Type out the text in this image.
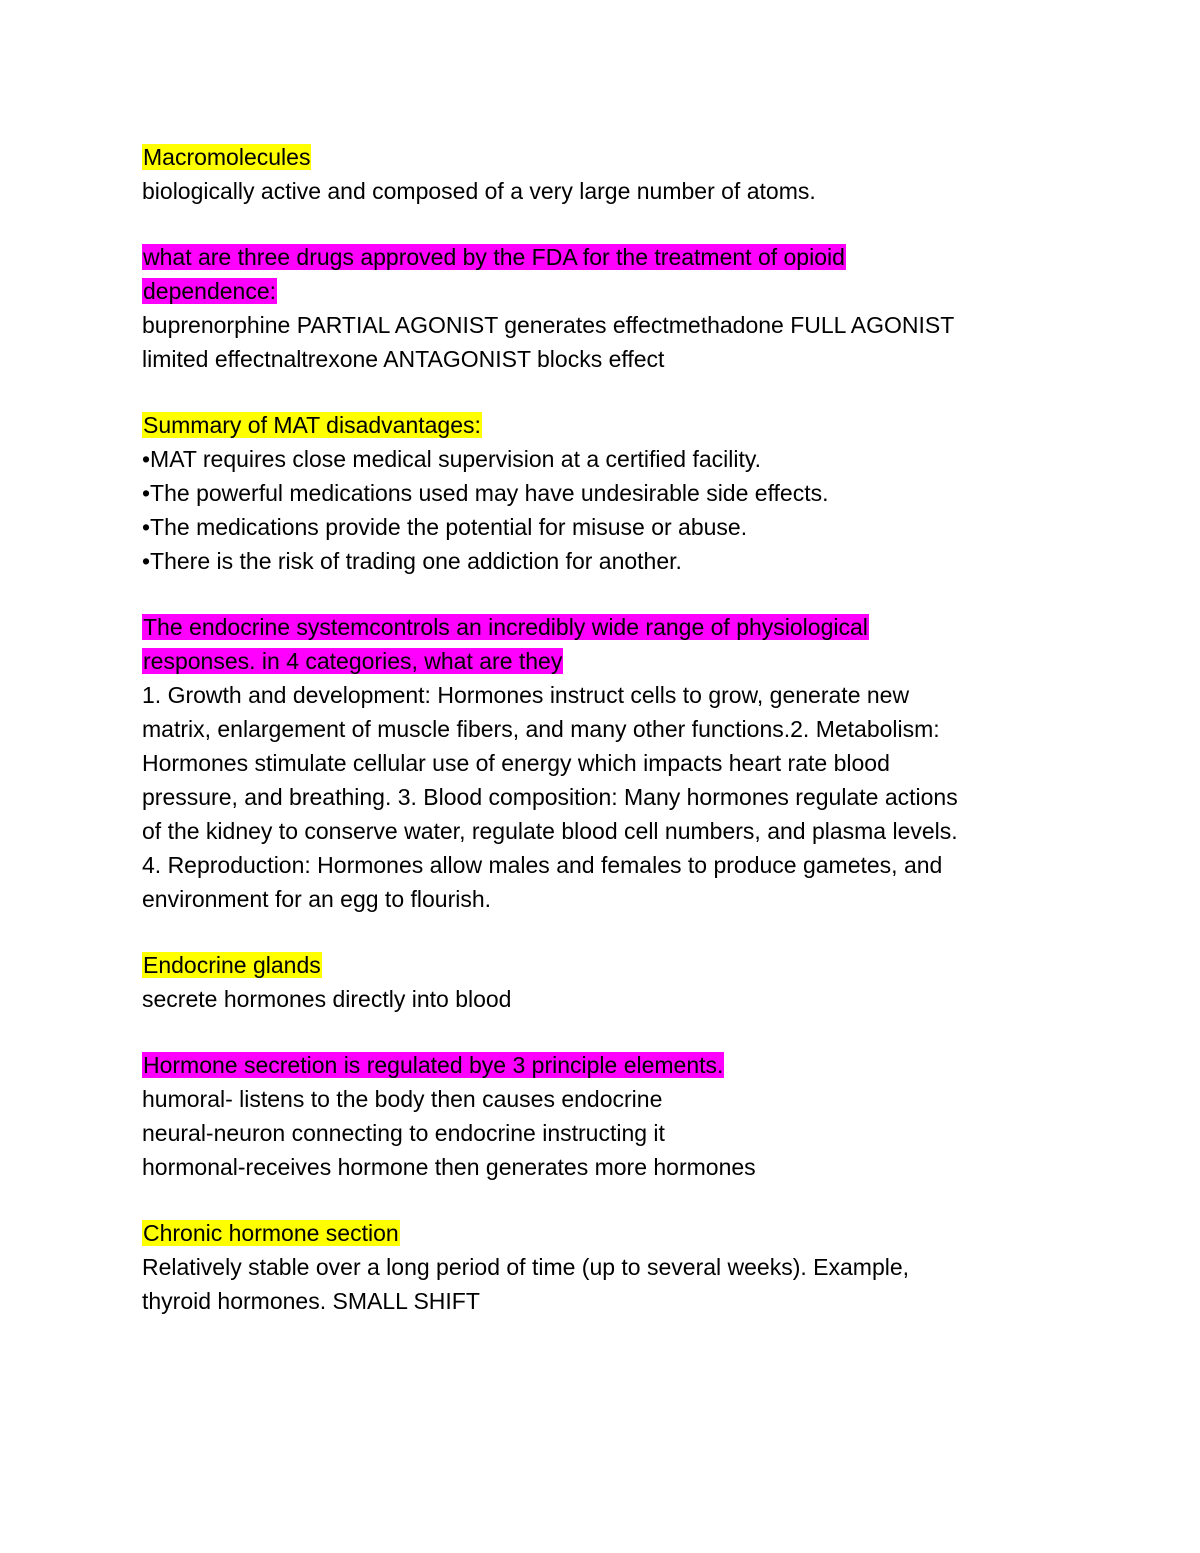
Macromolecules
biologically active and composed of a very large number of atoms.
what are three drugs approved by the FDA for the treatment of opioid
dependence:
buprenorphine PARTIAL AGONIST generates effectmethadone FULL AGONIST
limited effectnaltrexone ANTAGONIST blocks effect
Summary of MAT disadvantages:
•MAT requires close medical supervision at a certified facility.
•The powerful medications used may have undesirable side effects.
•The medications provide the potential for misuse or abuse.
•There is the risk of trading one addiction for another.
The endocrine systemcontrols an incredibly wide range of physiological
responses. in 4 categories, what are they
1. Growth and development: Hormones instruct cells to grow, generate new
matrix, enlargement of muscle fibers, and many other functions.2. Metabolism:
Hormones stimulate cellular use of energy which impacts heart rate blood
pressure, and breathing. 3. Blood composition: Many hormones regulate actions
of the kidney to conserve water, regulate blood cell numbers, and plasma levels.
4. Reproduction: Hormones allow males and females to produce gametes, and
environment for an egg to flourish.
Endocrine glands
secrete hormones directly into blood
Hormone secretion is regulated bye 3 principle elements.
humoral- listens to the body then causes endocrine
neural-neuron connecting to endocrine instructing it
hormonal-receives hormone then generates more hormones
Chronic hormone section
Relatively stable over a long period of time (up to several weeks). Example,
thyroid hormones. SMALL SHIFT
